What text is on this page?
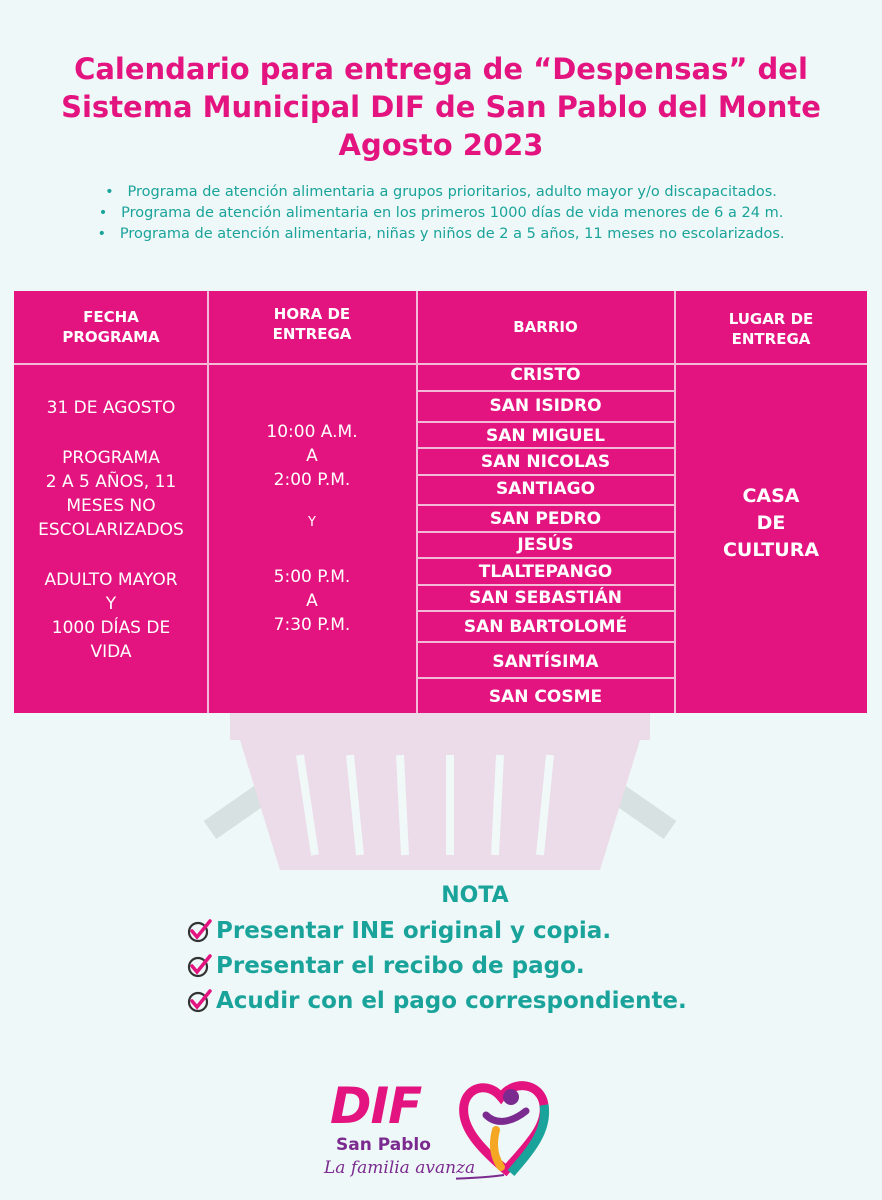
Calendario para entrega de “Despensas” del
Sistema Municipal DIF de San Pablo del Monte
Agosto 2023
•   Programa de atención alimentaria a grupos prioritarios, adulto mayor y/o discapacitados.
•   Programa de atención alimentaria en los primeros 1000 días de vida menores de 6 a 24 m.
•   Programa de atención alimentaria, niñas y niños de 2 a 5 años, 11 meses no escolarizados.
FECHA
PROGRAMA
HORA DE
ENTREGA	BARRIO	LUGAR DE
ENTREGA
31 DE AGOSTO
PROGRAMA
2 A 5 AÑOS, 11
MESES NO
ESCOLARIZADOS
ADULTO MAYOR
Y
1000 DÍAS DE
VIDA
10:00 A.M.
A
2:00 P.M.
Y
5:00 P.M.
A
7:30 P.M.
CRISTO
SAN ISIDRO
SAN MIGUEL
SAN NICOLAS
SANTIAGO
SAN PEDRO
JESÚS
TLALTEPANGO
SAN SEBASTIÁN
SAN BARTOLOMÉ
SANTÍSIMA
SAN COSME
CASA
DE
CULTURA
NOTA
Presentar INE original y copia.
Presentar el recibo de pago.
Acudir con el pago correspondiente.
DIF
San Pablo
La familia avanza
